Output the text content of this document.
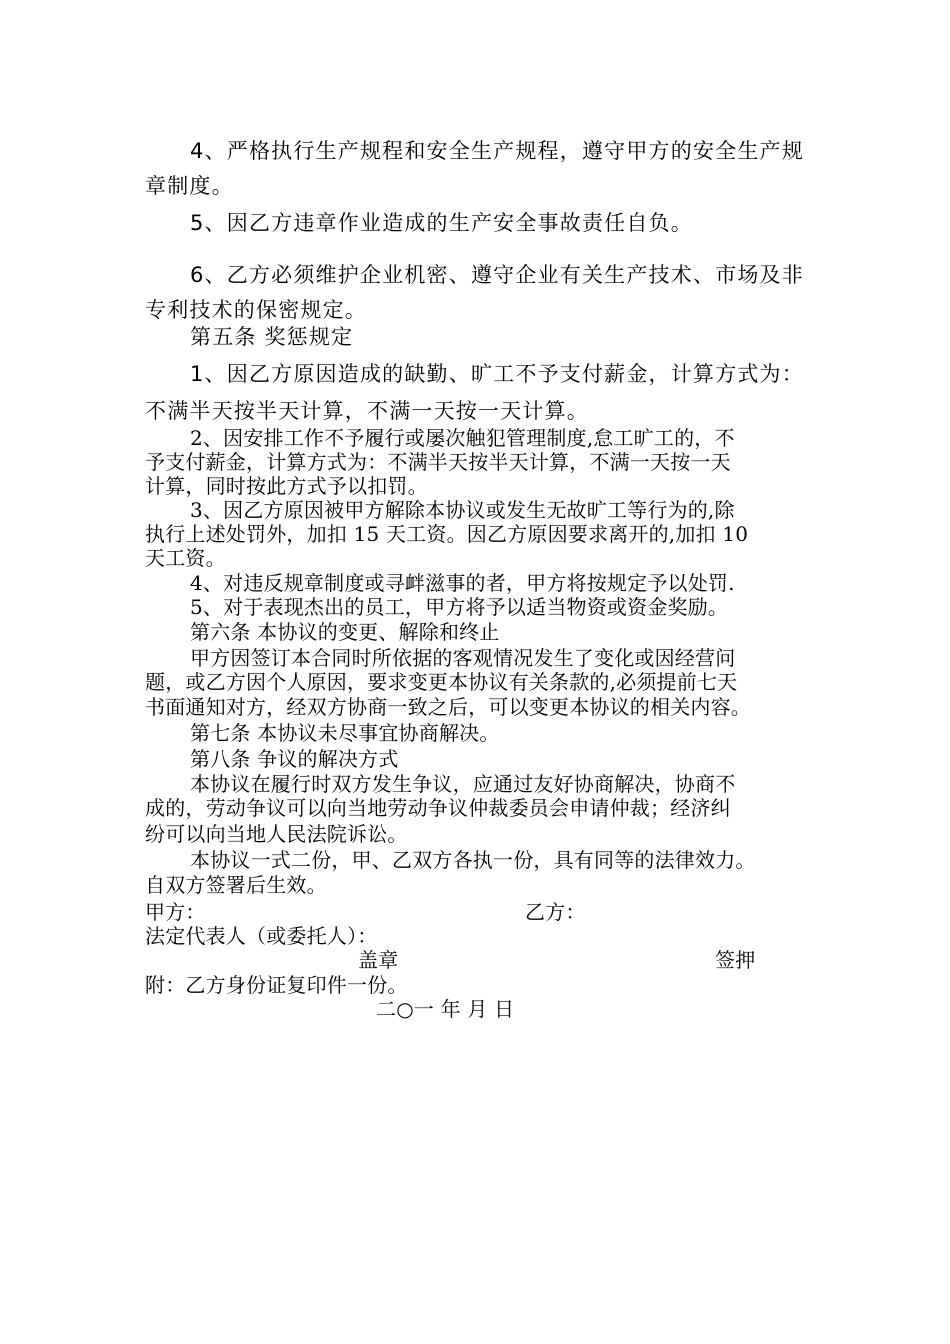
4、严格执行生产规程和安全生产规程，遵守甲方的安全生产规
章制度。
5、因乙方违章作业造成的生产安全事故责任自负。
6、乙方必须维护企业机密、遵守企业有关生产技术、市场及非
专利技术的保密规定。
第五条 奖惩规定
1、因乙方原因造成的缺勤、旷工不予支付薪金，计算方式为：
不满半天按半天计算，不满一天按一天计算。
2、因安排工作不予履行或屡次触犯管理制度,怠工旷工的，不
予支付薪金，计算方式为：不满半天按半天计算，不满一天按一天
计算，同时按此方式予以扣罚。
3、因乙方原因被甲方解除本协议或发生无故旷工等行为的,除
执行上述处罚外，加扣 15 天工资。因乙方原因要求离开的,加扣 10
天工资。
4、对违反规章制度或寻衅滋事的者，甲方将按规定予以处罚.
5、对于表现杰出的员工，甲方将予以适当物资或资金奖励。
第六条 本协议的变更、解除和终止
甲方因签订本合同时所依据的客观情况发生了变化或因经营问
题，或乙方因个人原因，要求变更本协议有关条款的,必须提前七天
书面通知对方，经双方协商一致之后，可以变更本协议的相关内容。
第七条 本协议未尽事宜协商解决。
第八条 争议的解决方式
本协议在履行时双方发生争议，应通过友好协商解决，协商不
成的，劳动争议可以向当地劳动争议仲裁委员会申请仲裁；经济纠
纷可以向当地人民法院诉讼。
本协议一式二份，甲、乙双方各执一份，具有同等的法律效力。
自双方签署后生效。
甲方：	乙方：
法定代表人（或委托人）：
盖章	签押
附：乙方身份证复印件一份。
二○一 年 月 日
